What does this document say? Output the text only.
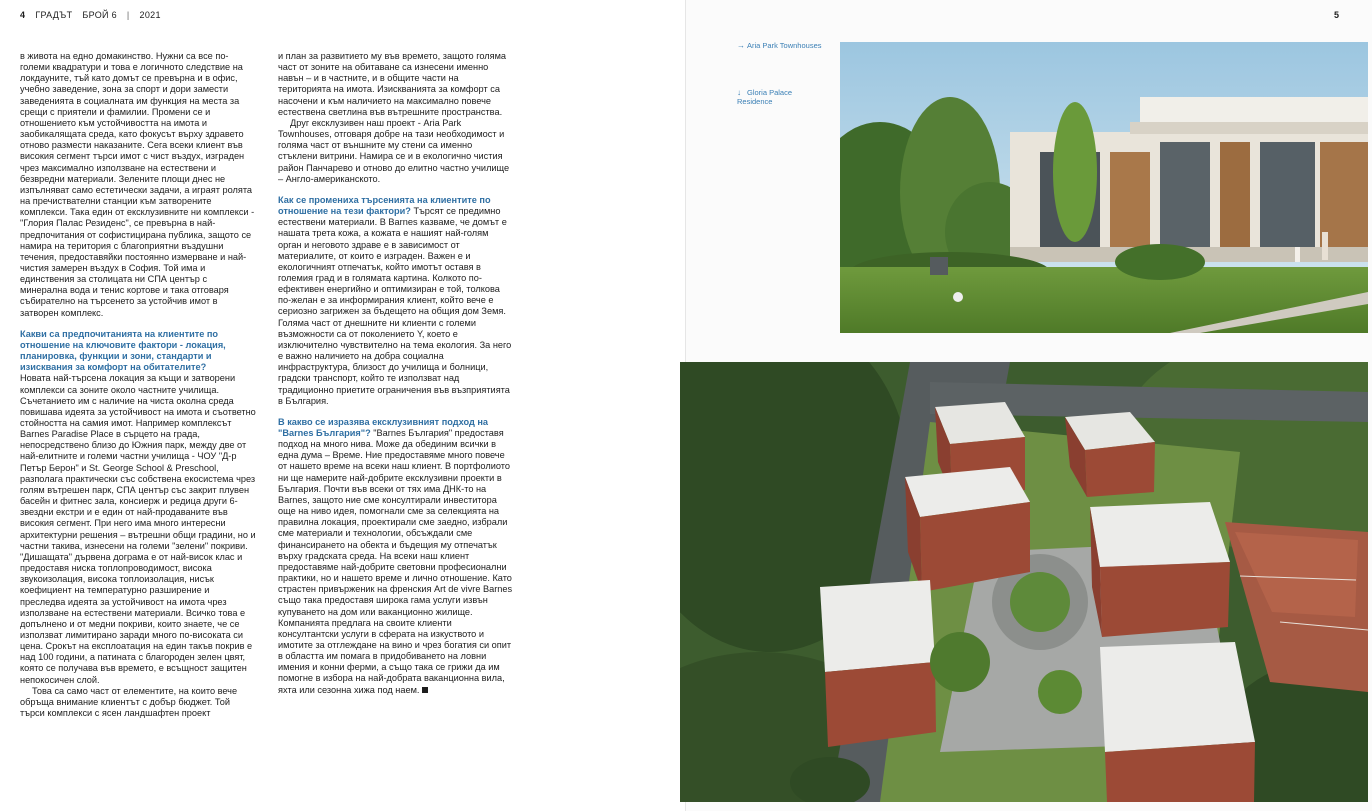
4 ГРАДЪТ БРОЙ 6 | 2021	5

в живота на едно домакинство. Нужни са все по-големи квадратури и това е логичното следствие на локдауните, тъй като домът се превърна и в офис, учебно заведение, зона за спорт и дори замести заведенията в социалната им функция на места за срещи с приятели и фамилии. Промени се и отношението към устойчивостта на имота и заобикалящата среда, като фокусът върху здравето отново размести наказаните. Сега всеки клиент във високия сегмент търси имот с чист въздух, изграден чрез максимално използване на естествени и безвредни материали. Зелените площи днес не изпълняват само естетически задачи, а играят ролята на пречиствателни станции към затворените комплекси. Така един от ексклузивните ни комплекси - "Глория Палас Резиденс", се превърна в най-предпочитания от софистицирана публика, защото се намира на територия с благоприятни въздушни течения, предоставяйки постоянно измерване и най-чистия замерен въздух в София. Той има и единствения за столицата ни СПА център с минерална вода и тенис кортове и така отговаря събирателно на търсенето за устойчив имот в затворен комплекс.

Какви са предпочитанията на клиентите по отношение на ключовите фактори - локация, планировка, функции и зони, стандарти и изисквания за комфорт на обитателите?

Новата най-търсена локация за къщи и затворени комплекси са зоните около частните училища. Съчетанието им с наличие на чиста околна среда повишава идеята за устойчивост на имота и съответно стойността на самия имот. Например комплексът Barnes Paradise Place в сърцето на града, непосредствено близо до Южния парк, между две от най-елитните и големи частни училища - ЧОУ "Д-р Петър Берон" и St. George School & Preschool, разполага практически със собствена екосистема чрез голям вътрешен парк, СПА център със закрит плувен басейн и фитнес зала, консиерж и редица други 6-звездни екстри и е един от най-продаваните във високия сегмент. При него има много интересни архитектурни решения – вътрешни общи градини, но и частни такива, изнесени на големи "зелени" покриви. "Дишащата" дървена дограма е от най-висок клас и предоставя ниска топлопроводимост, висока звукоизолация, висока топлоизолация, нисък коефициент на температурно разширение и преследва идеята за устойчивост на имота чрез използване на естествени материали. Всичко това е допълнено и от медни покриви, които знаете, че се използват лимитирано заради много по-високата си цена. Срокът на експлоатация на един такъв покрив е над 100 години, а патината с благороден зелен цвят, която се получава във времето, е всъщност защитен непокосичен слой.

Това са само част от елементите, на които вече обръща внимание клиентът с добър бюджет. Той търси комплекси с ясен ландшафтен проект

и план за развитието му във времето, защото голяма част от зоните на обитаване са изнесени именно навън – и в частните, и в общите части на територията на имота. Изискванията за комфорт са насочени и към наличието на максимално повече естествена светлина във вътрешните пространства.

Друг ексклузивен наш проект - Aria Park Townhouses, отговаря добре на тази необходимост и голяма част от външните му стени са именно стъклени витрини. Намира се и в екологично чистия район Панчарево и отново до елитно частно училище – Англо-американското.

Как се промениха търсенията на клиентите по отношение на тези фактори? Търсят се предимно естествени материали. В Barnes казваме, че домът е нашата трета кожа, а кожата е нашият най-голям орган и неговото здраве е в зависимост от материалите, от които е изграден. Важен е и екологичният отпечатък, който имотът оставя в големия град и в голямата картина. Колкото по-ефективен енергийно и оптимизиран е той, толкова по-желан е за информирания клиент, който вече е сериозно загрижен за бъдещето на общия дом Земя. Голяма част от днешните ни клиенти с големи възможности са от поколението Y, което е изключително чувствително на тема екология. За него е важно наличието на добра социална инфраструктура, близост до училища и болници, градски транспорт, който те използват над традиционно приетите ограничения във възприятията в България.

В какво се изразява ексклузивният подход на "Barnes България"? "Barnes България" предоставя подход на много нива. Може да обединим всички в една дума – Време. Ние предоставяме много повече от нашето време на всеки наш клиент. В портфолиото ни ще намерите най-добрите ексклузивни проекти в България. Почти във всеки от тях има ДНК-то на Barnes, защото ние сме консултирали инвеститора още на ниво идея, помогнали сме за селекцията на правилна локация, проектирали сме заедно, избрали сме материали и технологии, обсъждали сме финансирането на обекта и бъдещия му отпечатък върху градската среда. На всеки наш клиент предоставяме най-добрите световни професионални практики, но и нашето време и лично отношение. Като страстен привърженик на френския Art de vivre Barnes също така предоставя широка гама услуги извън купуването на дом или ваканционно жилище. Компанията предлага на своите клиенти консултантски услуги в сферата на изкуството и имотите за отглеждане на вино и чрез богатия си опит в областта им помага в придобиването на ловни имения и конни ферми, а също така се грижи да им помогне в избора на най-добрата ваканционна вила, яхта или сезонна хижа под наем.

→ Aria Park Townhouses
↓ Gloria Palace Residence
